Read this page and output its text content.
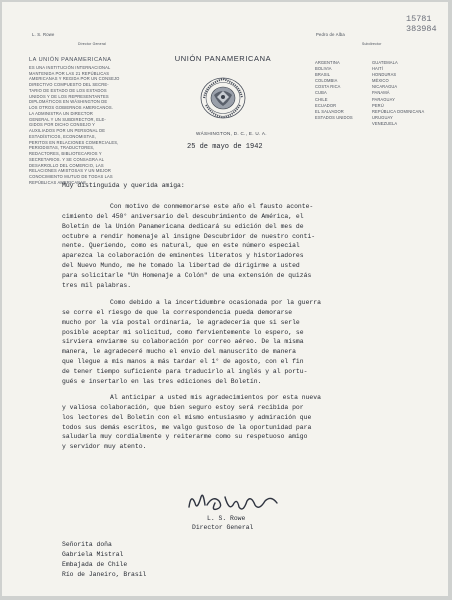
L. S. Rowe
Director General
Pedro de Alba
Subdirector
15781
383984
LA UNIÓN PANAMERICANA
ES UNA INSTITUCIÓN INTERNACIONAL
MANTENIDA POR LAS 21 REPÚBLICAS
AMERICANAS Y REGIDA POR UN CONSEJO
DIRECTIVO COMPUESTO DEL SECRE-
TARIO DE ESTADO DE LOS ESTADOS
UNIDOS Y DE LOS REPRESENTANTES
DIPLOMÁTICOS EN WÁSHINGTON DE
LOS OTROS GOBIERNOS AMERICANOS.
LA ADMINISTRA UN DIRECTOR
GENERAL Y UN SUBDIRECTOR, ELE-
GIDOS POR DICHO CONSEJO Y
AUXILIADOS POR UN PERSONAL DE
ESTADÍSTICOS, ECONOMISTAS,
PERITOS EN RELACIONES COMERCIALES,
PERIODISTAS, TRADUCTORES,
REDACTORES, BIBLIOTECARIOS Y
SECRETARIOS. Y SE CONSAGRA AL
DESARROLLO DEL COMERCIO, LAS
RELACIONES AMISTOSAS Y UN MEJOR
CONOCIMIENTO MUTUO DE TODAS LAS
REPÚBLICAS AMERICANAS.
UNIÓN PANAMERICANA
WÁSHINGTON, D. C., E. U. A.
ARGENTINA
BOLIVIA
BRASIL
COLOMBIA
COSTA RICA
CUBA
CHILE
ECUADOR
EL SALVADOR
ESTADOS UNIDOS
GUATEMALA
HAITÍ
HONDURAS
MÉXICO
NICARAGUA
PANAMÁ
PARAGUAY
PERÚ
REPÚBLICA DOMINICANA
URUGUAY
VENEZUELA
25 de mayo de 1942
Muy distinguida y querida amiga:
Con motivo de conmemorarse este año el fausto aconte-
cimiento del 450° aniversario del descubrimiento de América, el
Boletín de la Unión Panamericana dedicará su edición del mes de
octubre a rendir homenaje al insigne Descubridor de nuestro conti-
nente. Queriendo, como es natural, que en este número especial
aparezca la colaboración de eminentes literatos y historiadores
del Nuevo Mundo, me he tomado la libertad de dirigirme a usted
para solicitarle "Un Homenaje a Colón" de una extensión de quizás
tres mil palabras.
Como debido a la incertidumbre ocasionada por la guerra
se corre el riesgo de que la correspondencia pueda demorarse
mucho por la vía postal ordinaria, le agradecería que si serle
posible aceptar mi solicitud, como fervientemente lo espero, se
sirviera enviarme su colaboración por correo aéreo. De la misma
manera, le agradeceré mucho el envío del manuscrito de manera
que llegue a mis manos a más tardar el 1° de agosto, con el fin
de tener tiempo suficiente para traducirlo al inglés y al portu-
gués e insertarlo en las tres ediciones del Boletín.
Al anticipar a usted mis agradecimientos por esta nueva
y valiosa colaboración, que bien seguro estoy será recibida por
los lectores del Boletín con el mismo entusiasmo y admiración que
todos sus demás escritos, me valgo gustoso de la oportunidad para
saludarla muy cordialmente y reiterarme como su respetuoso amigo
y servidor muy atento.
L. S. Rowe
Director General
Señorita doña
Gabriela Mistral
Embajada de Chile
Río de Janeiro, Brasil
